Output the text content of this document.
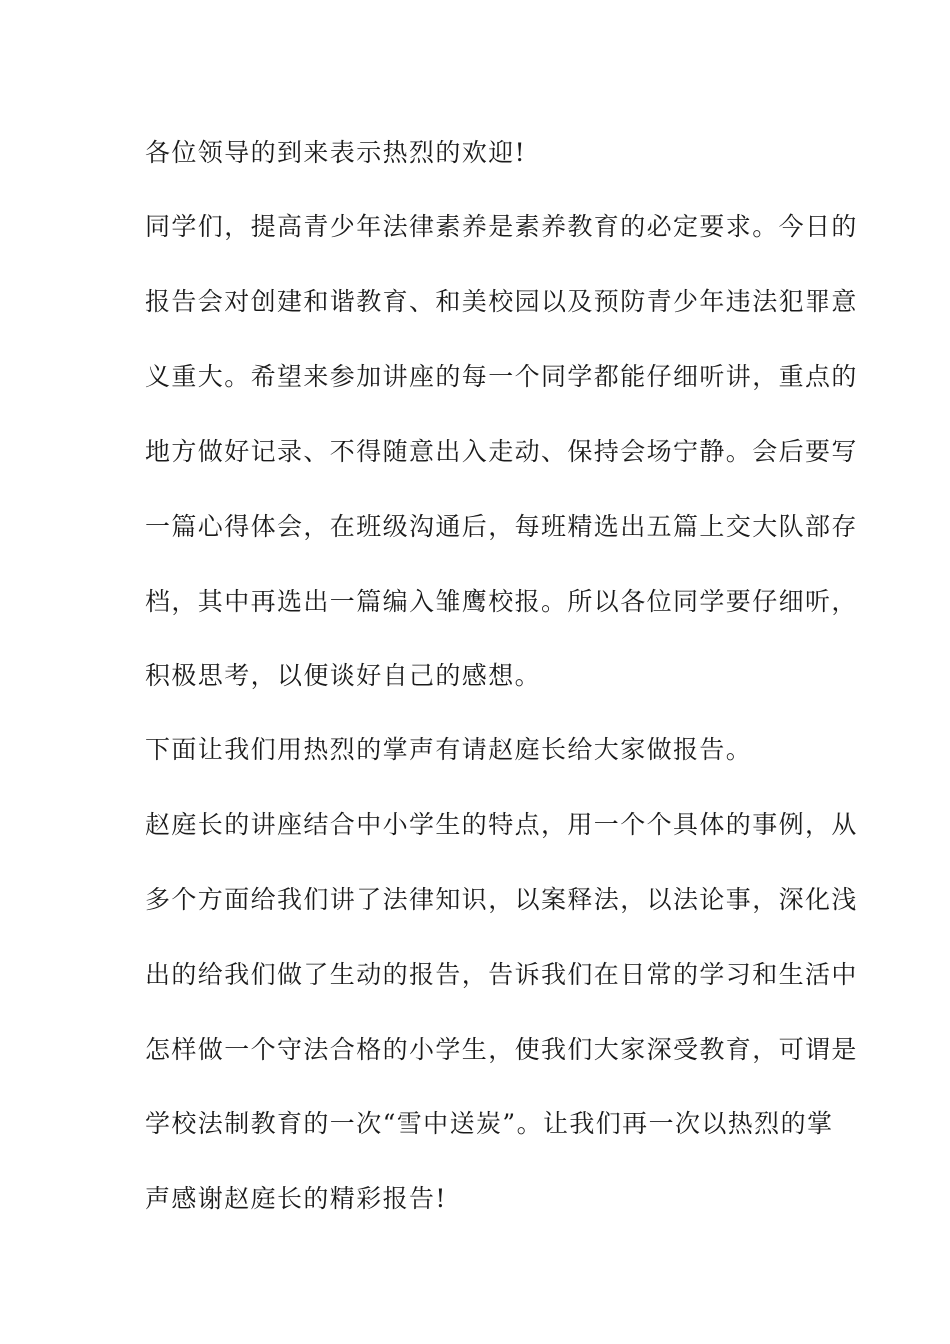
各位领导的到来表示热烈的欢迎!
同学们，提高青少年法律素养是素养教育的必定要求。今日的
报告会对创建和谐教育、和美校园以及预防青少年违法犯罪意
义重大。希望来参加讲座的每一个同学都能仔细听讲，重点的
地方做好记录、不得随意出入走动、保持会场宁静。会后要写
一篇心得体会，在班级沟通后，每班精选出五篇上交大队部存
档，其中再选出一篇编入雏鹰校报。所以各位同学要仔细听，
积极思考，以便谈好自己的感想。
下面让我们用热烈的掌声有请赵庭长给大家做报告。
赵庭长的讲座结合中小学生的特点，用一个个具体的事例，从
多个方面给我们讲了法律知识，以案释法，以法论事，深化浅
出的给我们做了生动的报告，告诉我们在日常的学习和生活中
怎样做一个守法合格的小学生，使我们大家深受教育，可谓是
学校法制教育的一次“雪中送炭”。让我们再一次以热烈的掌
声感谢赵庭长的精彩报告!
